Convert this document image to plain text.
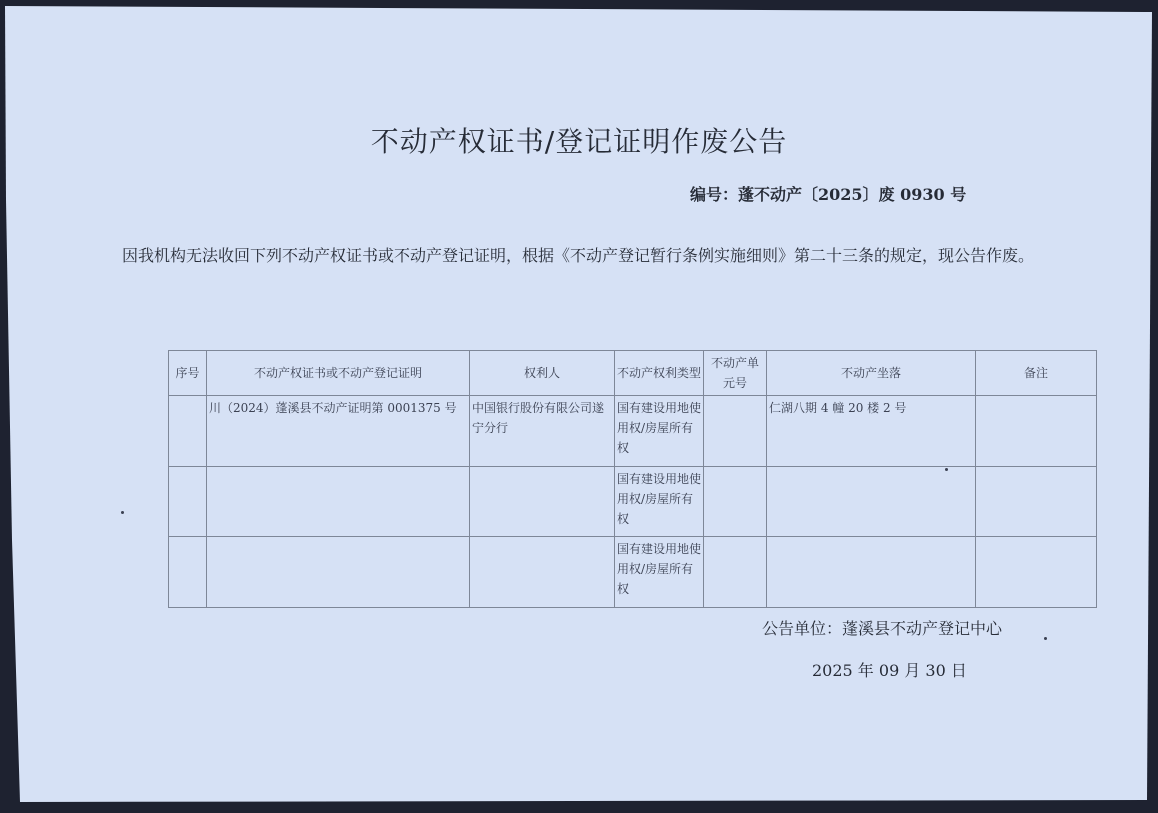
不动产权证书/登记证明作废公告
编号：蓬不动产〔2025〕废 0930 号
因我机构无法收回下列不动产权证书或不动产登记证明，根据《不动产登记暂行条例实施细则》第二十三条的规定，现公告作废。
序号	不动产权证书或不动产登记证明	权利人	不动产权利类型	不动产单元号	不动产坐落	备注
	川（2024）蓬溪县不动产证明第 0001375 号	中国银行股份有限公司遂宁分行	国有建设用地使用权/房屋所有权		仁湖八期 4 幢 20 楼 2 号	
			国有建设用地使用权/房屋所有权			
			国有建设用地使用权/房屋所有权			
公告单位：蓬溪县不动产登记中心
2025 年 09 月 30 日
